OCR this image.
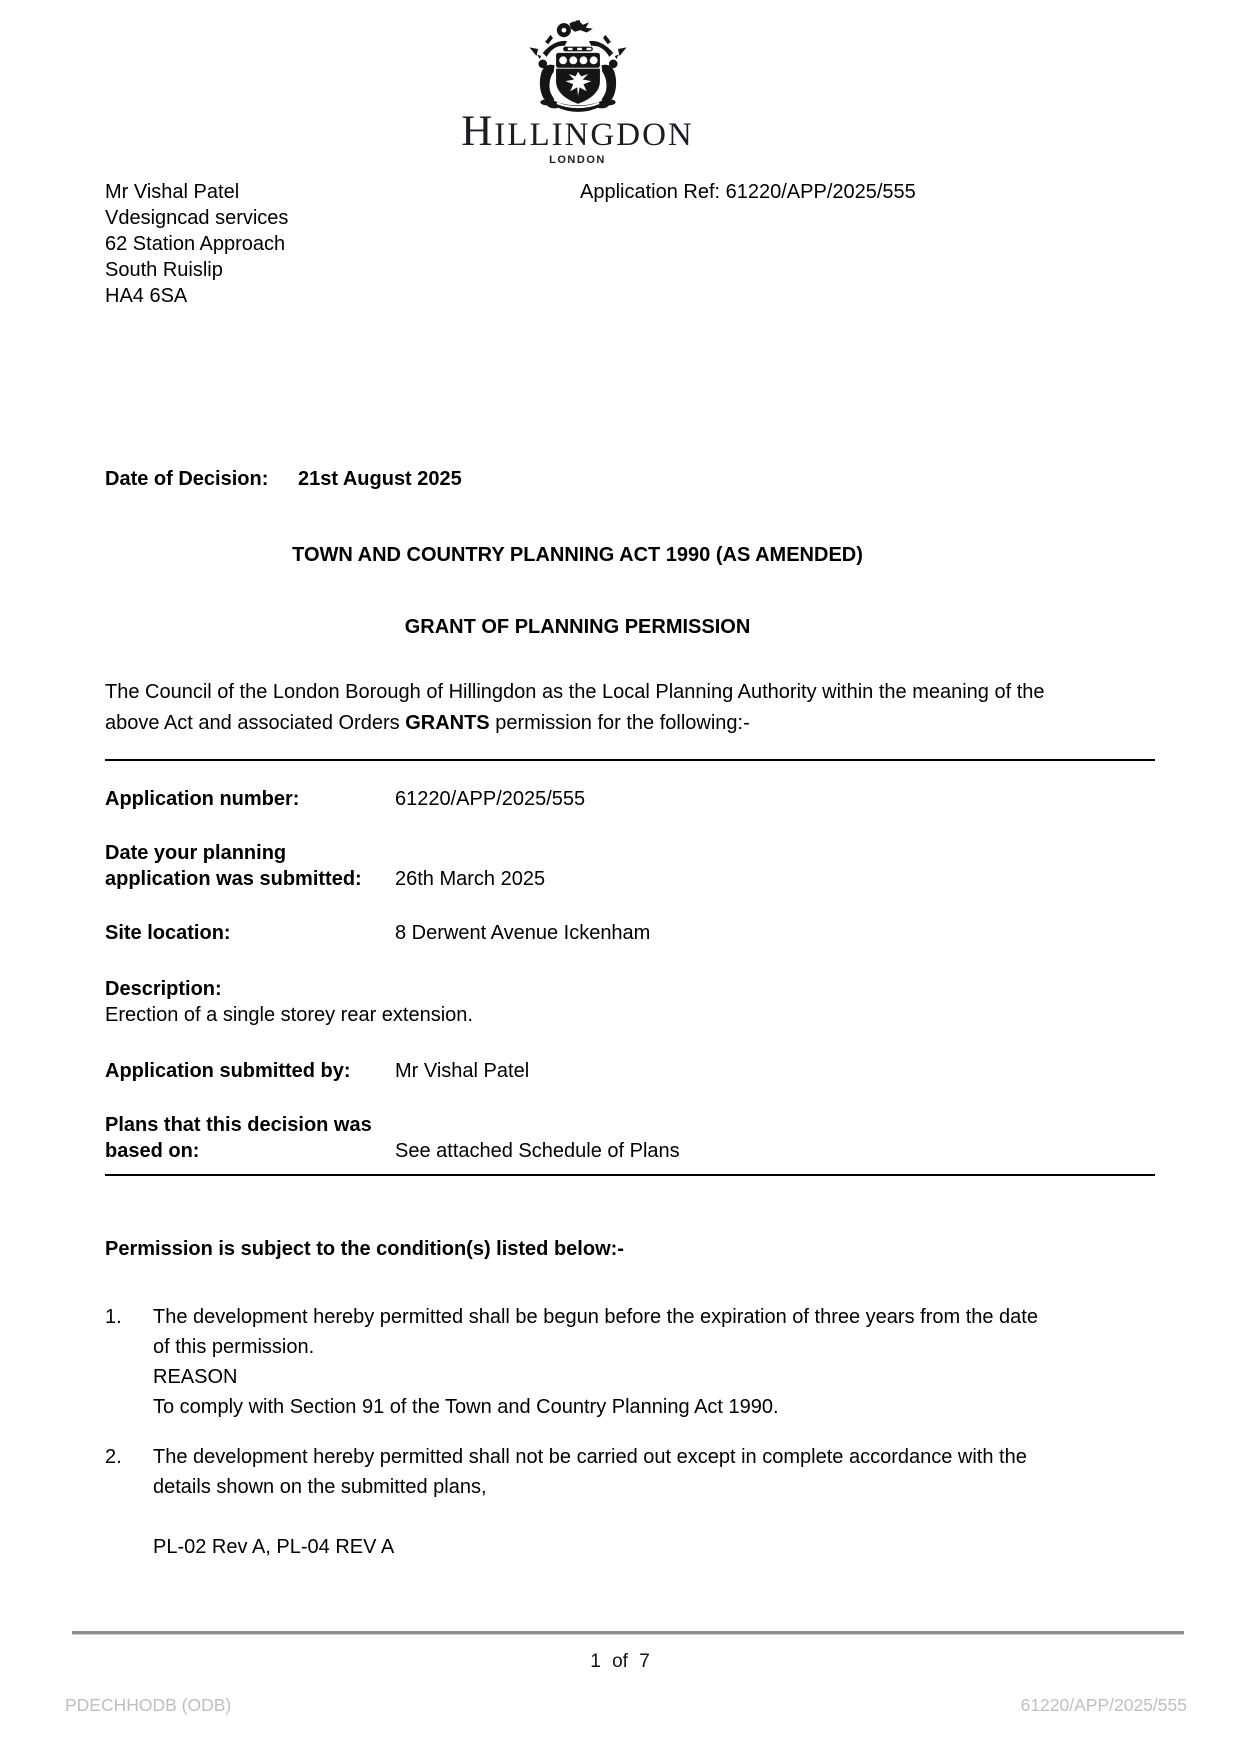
HILLINGDON
LONDON
Mr Vishal Patel
Vdesigncad services
62 Station Approach
South Ruislip
HA4 6SA
Application Ref: 61220/APP/2025/555
Date of Decision:	21st August 2025
TOWN AND COUNTRY PLANNING ACT 1990 (AS AMENDED)
GRANT OF PLANNING PERMISSION

The Council of the London Borough of Hillingdon as the Local Planning Authority within the meaning of the above Act and associated Orders GRANTS permission for the following:-

Application number:	61220/APP/2025/555
Date your planning application was submitted:	26th March 2025
Site location:	8 Derwent Avenue Ickenham
Description:
Erection of a single storey rear extension.
Application submitted by:	Mr Vishal Patel
Plans that this decision was based on:	See attached Schedule of Plans
Permission is subject to the condition(s) listed below:-
1.	The development hereby permitted shall be begun before the expiration of three years from the date of this permission.

REASON

To comply with Section 91 of the Town and Country Planning Act 1990.

2.	The development hereby permitted shall not be carried out except in complete accordance with the details shown on the submitted plans,

PL-02 Rev A, PL-04 REV A
1 of 7
PDECHHODB (ODB)	61220/APP/2025/555
